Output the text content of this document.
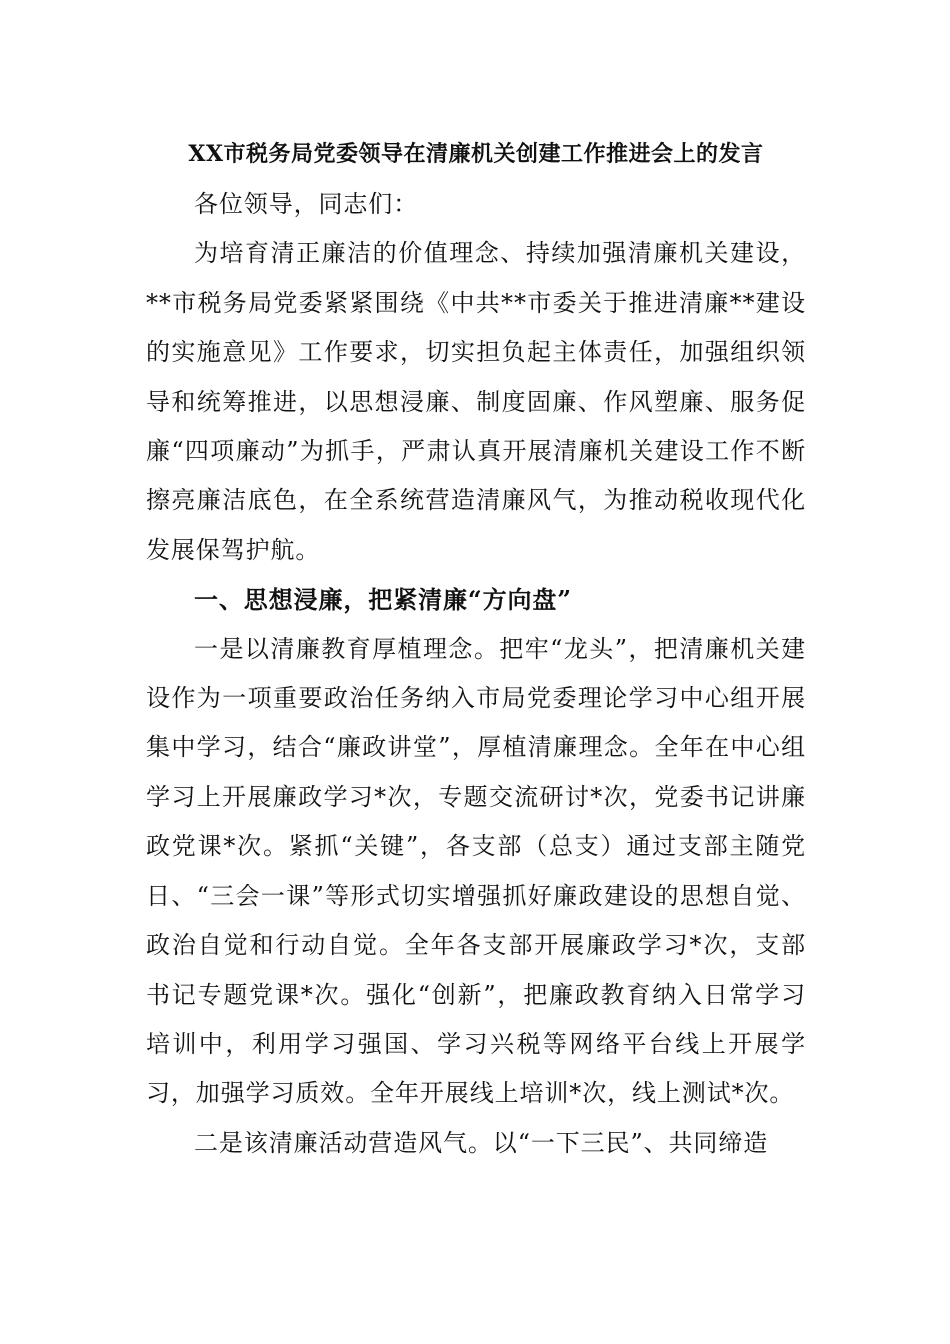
XX市税务局党委领导在清廉机关创建工作推进会上的发言

各位领导，同志们：

为培育清正廉洁的价值理念、持续加强清廉机关建设，**市税务局党委紧紧围绕《中共**市委关于推进清廉**建设的实施意见》工作要求，切实担负起主体责任，加强组织领导和统筹推进，以思想浸廉、制度固廉、作风塑廉、服务促廉“四项廉动”为抓手，严肃认真开展清廉机关建设工作不断擦亮廉洁底色，在全系统营造清廉风气，为推动税收现代化发展保驾护航。

一、思想浸廉，把紧清廉“方向盘”

一是以清廉教育厚植理念。把牢“龙头”，把清廉机关建设作为一项重要政治任务纳入市局党委理论学习中心组开展集中学习，结合“廉政讲堂”，厚植清廉理念。全年在中心组学习上开展廉政学习*次，专题交流研讨*次，党委书记讲廉政党课*次。紧抓“关键”，各支部（总支）通过支部主随党日、“三会一课”等形式切实增强抓好廉政建设的思想自觉、政治自觉和行动自觉。全年各支部开展廉政学习*次，支部书记专题党课*次。强化“创新”，把廉政教育纳入日常学习培训中，利用学习强国、学习兴税等网络平台线上开展学习，加强学习质效。全年开展线上培训*次，线上测试*次。

二是该清廉活动营造风气。以“一下三民”、共同缔造
